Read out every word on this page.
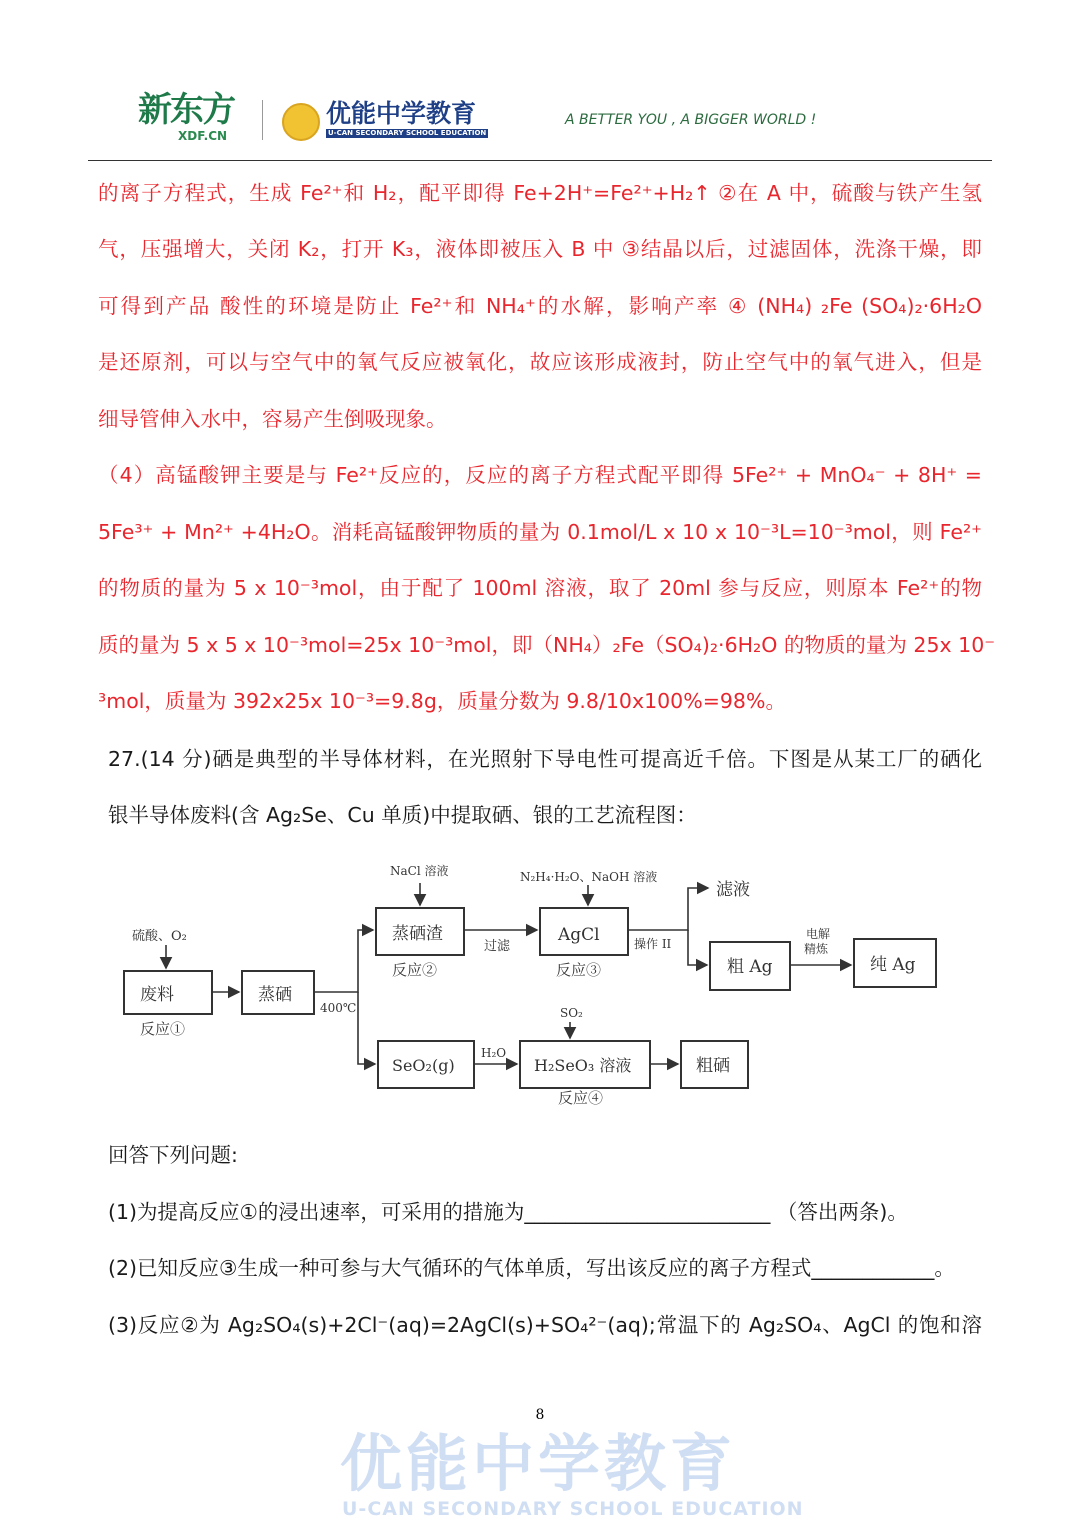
新东方
XDF.CN
优能中学教育
U-CAN SECONDARY SCHOOL EDUCATION
A BETTER YOU , A BIGGER WORLD !
的离子方程式，生成 Fe²⁺和 H₂，配平即得 Fe+2H⁺=Fe²⁺+H₂↑ ②在 A 中，硫酸与铁产生氢
气，压强增大，关闭 K₂，打开 K₃，液体即被压入 B 中 ③结晶以后，过滤固体，洗涤干燥，即
可得到产品 酸性的环境是防止 Fe²⁺和 NH₄⁺的水解，影响产率 ④ (NH₄) ₂Fe (SO₄)₂·6H₂O
是还原剂，可以与空气中的氧气反应被氧化，故应该形成液封，防止空气中的氧气进入，但是
细导管伸入水中，容易产生倒吸现象。
（4）高锰酸钾主要是与 Fe²⁺反应的，反应的离子方程式配平即得 5Fe²⁺ + MnO₄⁻ + 8H⁺ =
5Fe³⁺ + Mn²⁺ +4H₂O。消耗高锰酸钾物质的量为 0.1mol/L x 10 x 10⁻³L=10⁻³mol，则 Fe²⁺
的物质的量为 5 x 10⁻³mol，由于配了 100ml 溶液，取了 20ml 参与反应，则原本 Fe²⁺的物
质的量为 5 x 5 x 10⁻³mol=25x 10⁻³mol，即（NH₄）₂Fe（SO₄)₂·6H₂O 的物质的量为 25x 10⁻
³mol，质量为 392x25x 10⁻³=9.8g，质量分数为 9.8/10x100%=98%。
27.(14 分)硒是典型的半导体材料，在光照射下导电性可提高近千倍。下图是从某工厂的硒化
银半导体废料(含 Ag₂Se、Cu 单质)中提取硒、银的工艺流程图：
硫酸、O₂
废料
反应①
蒸硒
400℃
NaCl 溶液
蒸硒渣
反应②
过滤
N₂H₄·H₂O、NaOH 溶液
AgCl
反应③
操作 II
滤液
粗 Ag
电解
精炼
纯 Ag
SeO₂(g)
H₂O
SO₂
H₂SeO₃ 溶液
反应④
粗硒
回答下列问题:
(1)为提高反应①的浸出速率，可采用的措施为________________________ （答出两条)。
(2)已知反应③生成一种可参与大气循环的气体单质，写出该反应的离子方程式____________。
(3)反应②为 Ag₂SO₄(s)+2Cl⁻(aq)=2AgCl(s)+SO₄²⁻(aq);常温下的 Ag₂SO₄、AgCl 的饱和溶
8
优能中学教育
U-CAN SECONDARY SCHOOL EDUCATION
